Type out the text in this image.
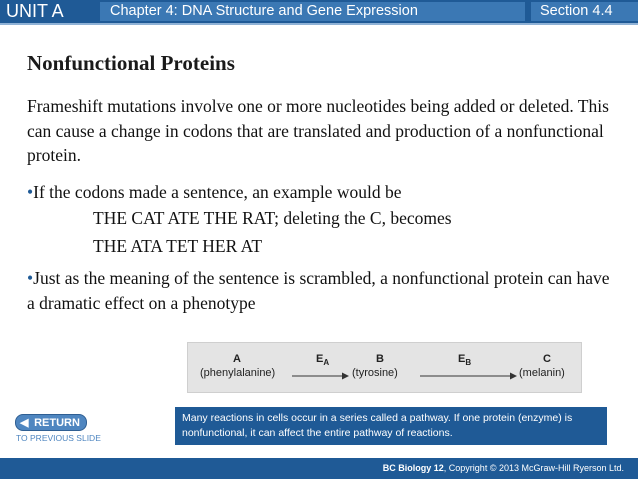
UNIT A	Chapter 4: DNA Structure and Gene Expression	Section 4.4
Nonfunctional Proteins

Frameshift mutations involve one or more nucleotides being added or deleted. This can cause a change in codons that are translated and production of a nonfunctional protein.

•If the codons made a sentence, an example would be

THE CAT ATE THE RAT; deleting the C, becomes
THE ATA TET HER AT

•Just as the meaning of the sentence is scrambled, a nonfunctional protein can have a dramatic effect on a phenotype

A
(phenylalanine)
$E_A$	B
(tyrosine)
$E_B$	C
(melanin)
◀ RETURN
TO PREVIOUS SLIDE
Many reactions in cells occur in a series called a pathway. If one protein (enzyme) is nonfunctional, it can affect the entire pathway of reactions.
BC Biology 12, Copyright © 2013 McGraw-Hill Ryerson Ltd.
